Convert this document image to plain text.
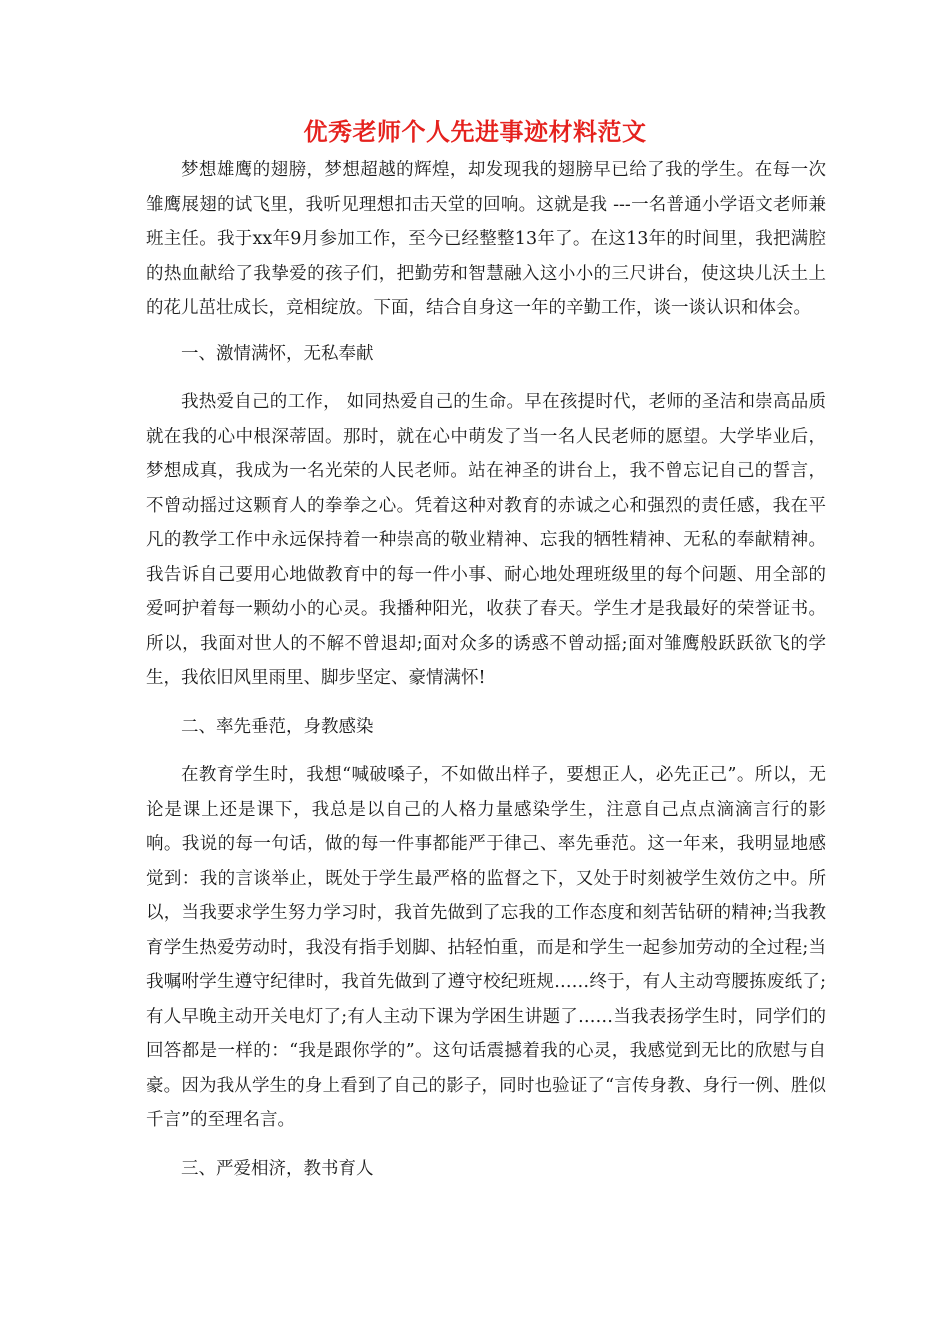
优秀老师个人先进事迹材料范文

梦想雄鹰的翅膀，梦想超越的辉煌，却发现我的翅膀早已给了我的学生。在每一次雏鹰展翅的试飞里，我听见理想扣击天堂的回响。这就是我 ---一名普通小学语文老师兼班主任。我于xx年9月参加工作，至今已经整整13年了。在这13年的时间里，我把满腔的热血献给了我挚爱的孩子们，把勤劳和智慧融入这小小的三尺讲台，使这块儿沃土上的花儿茁壮成长，竞相绽放。下面，结合自身这一年的辛勤工作，谈一谈认识和体会。

一、激情满怀，无私奉献

我热爱自己的工作， 如同热爱自己的生命。早在孩提时代，老师的圣洁和崇高品质就在我的心中根深蒂固。那时，就在心中萌发了当一名人民老师的愿望。大学毕业后，梦想成真，我成为一名光荣的人民老师。站在神圣的讲台上，我不曾忘记自己的誓言，不曾动摇过这颗育人的拳拳之心。凭着这种对教育的赤诚之心和强烈的责任感，我在平凡的教学工作中永远保持着一种崇高的敬业精神、忘我的牺牲精神、无私的奉献精神。我告诉自己要用心地做教育中的每一件小事、耐心地处理班级里的每个问题、用全部的爱呵护着每一颗幼小的心灵。我播种阳光，收获了春天。学生才是我最好的荣誉证书。所以，我面对世人的不解不曾退却;面对众多的诱惑不曾动摇;面对雏鹰般跃跃欲飞的学生，我依旧风里雨里、脚步坚定、豪情满怀!

二、率先垂范，身教感染

在教育学生时，我想“喊破嗓子，不如做出样子，要想正人，必先正己”。所以，无论是课上还是课下，我总是以自己的人格力量感染学生，注意自己点点滴滴言行的影响。我说的每一句话，做的每一件事都能严于律己、率先垂范。这一年来，我明显地感觉到：我的言谈举止，既处于学生最严格的监督之下，又处于时刻被学生效仿之中。所以，当我要求学生努力学习时，我首先做到了忘我的工作态度和刻苦钻研的精神;当我教育学生热爱劳动时，我没有指手划脚、拈轻怕重，而是和学生一起参加劳动的全过程;当我嘱咐学生遵守纪律时，我首先做到了遵守校纪班规……终于，有人主动弯腰拣废纸了;有人早晚主动开关电灯了;有人主动下课为学困生讲题了……当我表扬学生时，同学们的回答都是一样的：“我是跟你学的”。这句话震撼着我的心灵，我感觉到无比的欣慰与自豪。因为我从学生的身上看到了自己的影子，同时也验证了“言传身教、身行一例、胜似千言”的至理名言。

三、严爱相济，教书育人
